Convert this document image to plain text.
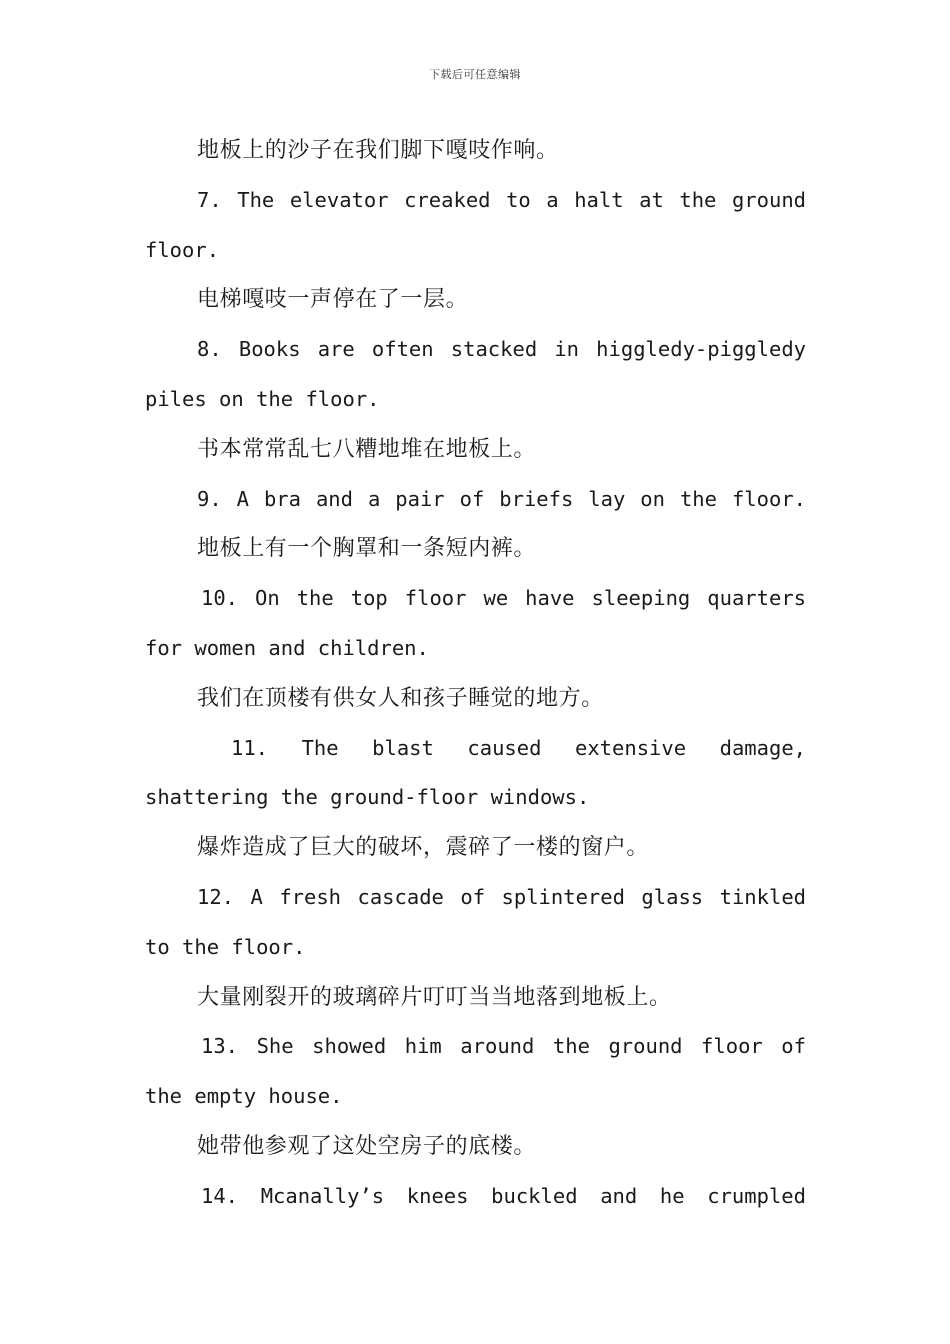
下载后可任意编辑
地板上的沙子在我们脚下嘎吱作响。
7. The elevator creaked to a halt at the ground
floor.
电梯嘎吱一声停在了一层。
8. Books are often stacked in higgledy-piggledy
piles on the floor.
书本常常乱七八糟地堆在地板上。
9. A bra and a pair of briefs lay on the floor.
地板上有一个胸罩和一条短内裤。
10. On the top floor we have sleeping quarters
for women and children.
我们在顶楼有供女人和孩子睡觉的地方。
11. The blast caused extensive damage,
shattering the ground-floor windows.
爆炸造成了巨大的破坏，震碎了一楼的窗户。
12. A fresh cascade of splintered glass tinkled
to the floor.
大量刚裂开的玻璃碎片叮叮当当地落到地板上。
13. She showed him around the ground floor of
the empty house.
她带他参观了这处空房子的底楼。
14. Mcanally’s knees buckled and he crumpled
